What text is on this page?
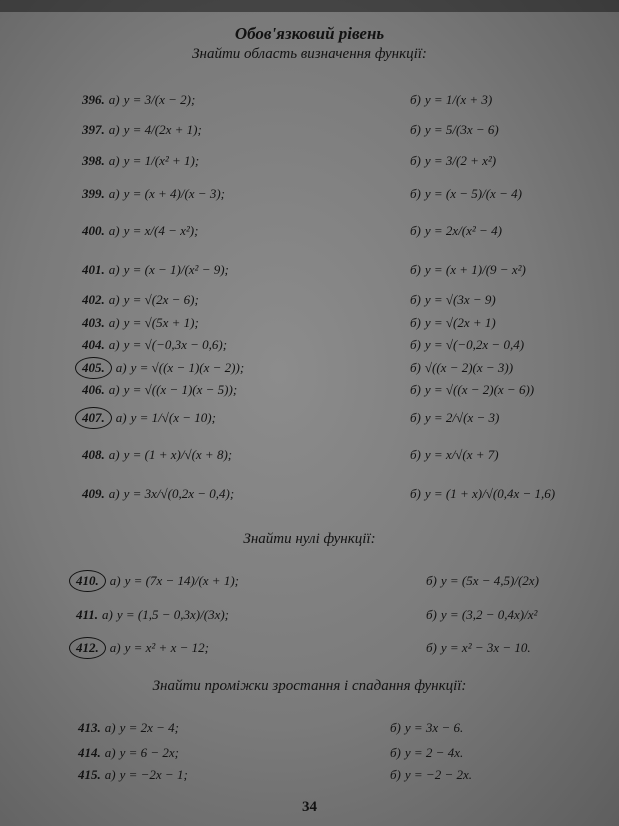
Обов'язковий рівень
Знайти область визначення функції:
396. а) y = 3/(x − 2);	б) y = 1/(x + 3)
397. а) y = 4/(2x + 1);	б) y = 5/(3x − 6)
398. а) y = 1/(x² + 1);	б) y = 3/(2 + x²)
399. а) y = (x + 4)/(x − 3);	б) y = (x − 5)/(x − 4)
400. а) y = x/(4 − x²);	б) y = 2x/(x² − 4)
401. а) y = (x − 1)/(x² − 9);	б) y = (x + 1)/(9 − x²)
402. а) y = √(2x − 6);	б) y = √(3x − 9)
403. а) y = √(5x + 1);	б) y = √(2x + 1)
404. а) y = √(−0,3x − 0,6);	б) y = √(−0,2x − 0,4)
405. а) y = √((x − 1)(x − 2));	б) √((x − 2)(x − 3))
406. а) y = √((x − 1)(x − 5));	б) y = √((x − 2)(x − 6))
407. а) y = 1/√(x − 10);	б) y = 2/√(x − 3)
408. а) y = (1 + x)/√(x + 8);	б) y = x/√(x + 7)
409. а) y = 3x/√(0,2x − 0,4);	б) y = (1 + x)/√(0,4x − 1,6)
Знайти нулі функції:
410. а) y = (7x − 14)/(x + 1);	б) y = (5x − 4,5)/(2x)
411. а) y = (1,5 − 0,3x)/(3x);	б) y = (3,2 − 0,4x)/x²
412. а) y = x² + x − 12;	б) y = x² − 3x − 10.
Знайти проміжки зростання і спадання функції:
413. а) y = 2x − 4;	б) y = 3x − 6.
414. а) y = 6 − 2x;	б) y = 2 − 4x.
415. а) y = −2x − 1;	б) y = −2 − 2x.
34
